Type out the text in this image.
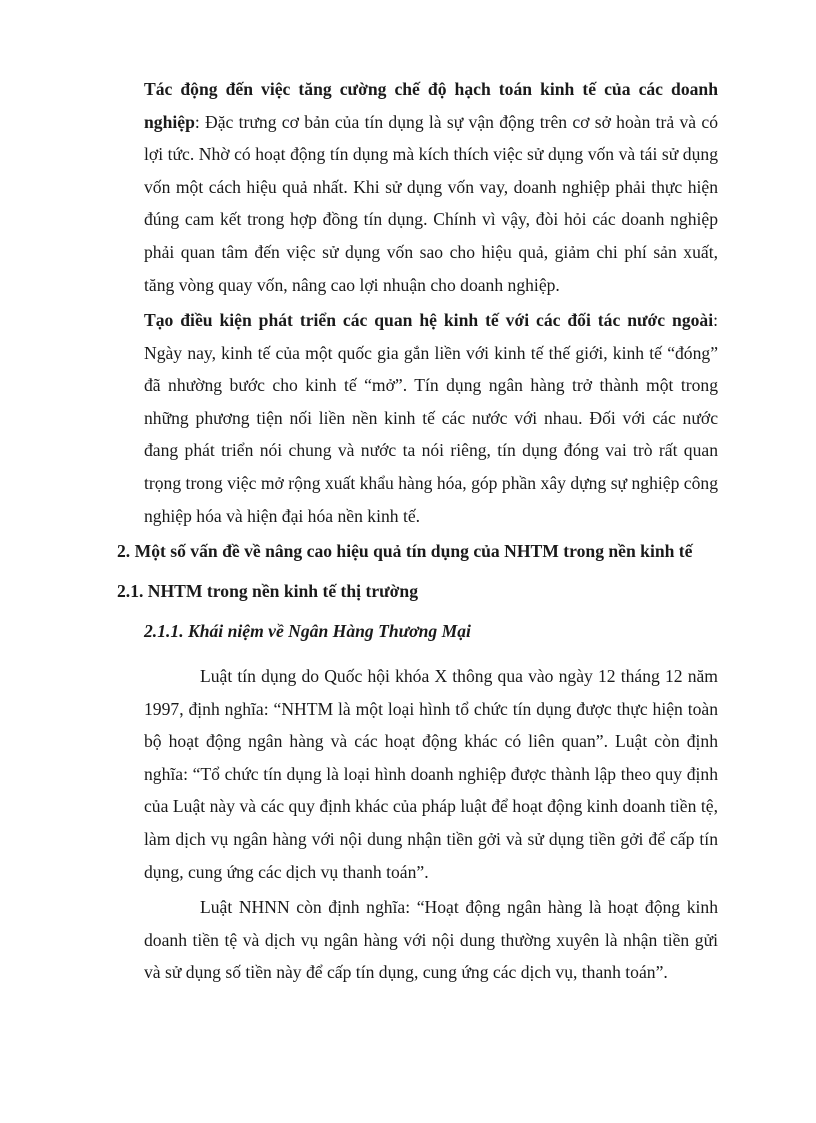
Tác động đến việc tăng cường chế độ hạch toán kinh tế của các doanh nghiệp: Đặc trưng cơ bản của tín dụng là sự vận động trên cơ sở hoàn trả và có lợi tức. Nhờ có hoạt động tín dụng mà kích thích việc sử dụng vốn và tái sử dụng vốn một cách hiệu quả nhất. Khi sử dụng vốn vay, doanh nghiệp phải thực hiện đúng cam kết trong hợp đồng tín dụng. Chính vì vậy, đòi hỏi các doanh nghiệp phải quan tâm đến việc sử dụng vốn sao cho hiệu quả, giảm chi phí sản xuất, tăng vòng quay vốn, nâng cao lợi nhuận cho doanh nghiệp.

Tạo điều kiện phát triển các quan hệ kinh tế với các đối tác nước ngoài: Ngày nay, kinh tế của một quốc gia gắn liền với kinh tế thế giới, kinh tế “đóng” đã nhường bước cho kinh tế “mở”. Tín dụng ngân hàng trở thành một trong những phương tiện nối liền nền kinh tế các nước với nhau. Đối với các nước đang phát triển nói chung và nước ta nói riêng, tín dụng đóng vai trò rất quan trọng trong việc mở rộng xuất khẩu hàng hóa, góp phần xây dựng sự nghiệp công nghiệp hóa và hiện đại hóa nền kinh tế.

2. Một số vấn đề về nâng cao hiệu quả tín dụng của NHTM trong nền kinh tế
2.1. NHTM trong nền kinh tế thị trường
2.1.1. Khái niệm về Ngân Hàng Thương Mại

Luật tín dụng do Quốc hội khóa X thông qua vào ngày 12 tháng 12 năm 1997, định nghĩa: “NHTM là một loại hình tổ chức tín dụng được thực hiện toàn bộ hoạt động ngân hàng và các hoạt động khác có liên quan”. Luật còn định nghĩa: “Tổ chức tín dụng là loại hình doanh nghiệp được thành lập theo quy định của Luật này và các quy định khác của pháp luật để hoạt động kinh doanh tiền tệ, làm dịch vụ ngân hàng với nội dung nhận tiền gởi và sử dụng tiền gởi để cấp tín dụng, cung ứng các dịch vụ thanh toán”.

Luật NHNN còn định nghĩa: “Hoạt động ngân hàng là hoạt động kinh doanh tiền tệ và dịch vụ ngân hàng với nội dung thường xuyên là nhận tiền gửi và sử dụng số tiền này để cấp tín dụng, cung ứng các dịch vụ, thanh toán”.
